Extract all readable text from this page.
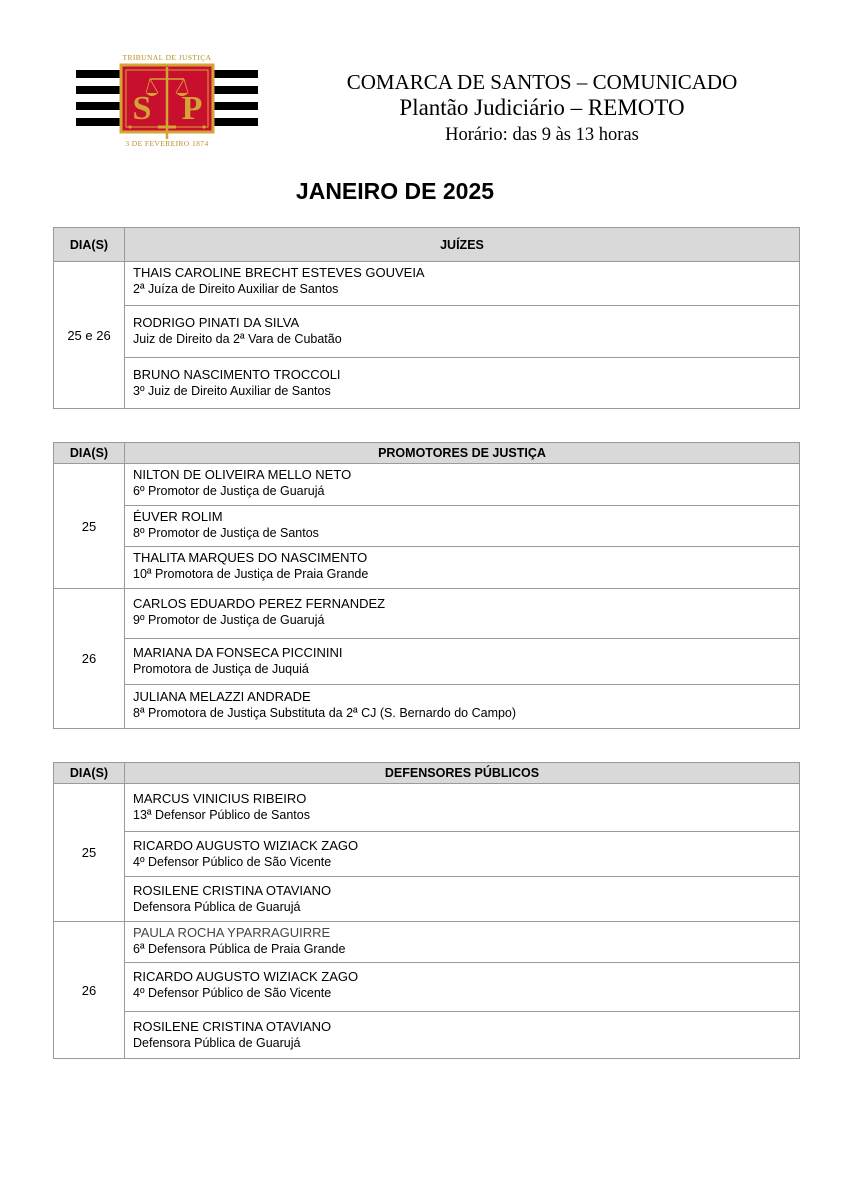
S P
TRIBUNAL DE JUSTIÇA
3 DE FEVEREIRO 1874
COMARCA DE SANTOS – COMUNICADO
Plantão Judiciário – REMOTO
Horário: das 9 às 13 horas
JANEIRO DE 2025
DIA(S)	JUÍZES
25 e 26	THAIS CAROLINE BRECHT ESTEVES GOUVEIA
2ª Juíza de Direito Auxiliar de Santos

	RODRIGO PINATI DA SILVA
Juiz de Direito da 2ª Vara de Cubatão

	BRUNO NASCIMENTO TROCCOLI
3º Juiz de Direito Auxiliar de Santos
DIA(S)	PROMOTORES DE JUSTIÇA
25	NILTON DE OLIVEIRA MELLO NETO
6º Promotor de Justiça de Guarujá

	ÉUVER ROLIM
8º Promotor de Justiça de Santos

	THALITA MARQUES DO NASCIMENTO
10ª Promotora de Justiça de Praia Grande

26	CARLOS EDUARDO PEREZ FERNANDEZ
9º Promotor de Justiça de Guarujá

	MARIANA DA FONSECA PICCININI
Promotora de Justiça de Juquiá

	JULIANA MELAZZI ANDRADE
8ª Promotora de Justiça Substituta da 2ª CJ (S. Bernardo do Campo)
DIA(S)	DEFENSORES PÚBLICOS
25	MARCUS VINICIUS RIBEIRO
13ª Defensor Público de Santos

	RICARDO AUGUSTO WIZIACK ZAGO
4º Defensor Público de São Vicente

	ROSILENE CRISTINA OTAVIANO
Defensora Pública de Guarujá

26	PAULA ROCHA YPARRAGUIRRE
6ª Defensora Pública de Praia Grande

	RICARDO AUGUSTO WIZIACK ZAGO
4º Defensor Público de São Vicente

	ROSILENE CRISTINA OTAVIANO
Defensora Pública de Guarujá
